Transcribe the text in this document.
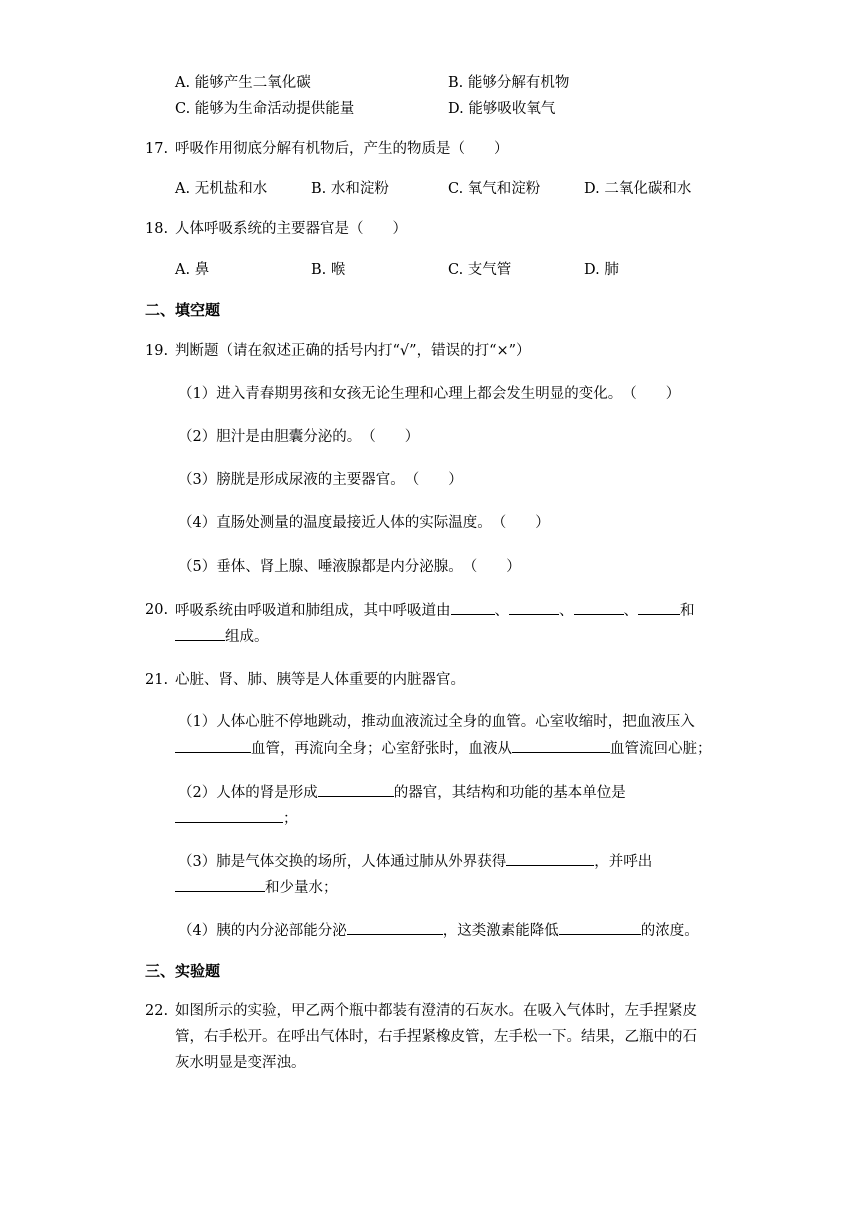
A. 能够产生二氧化碳	B. 能够分解有机物
C. 能够为生命活动提供能量	D. 能够吸收氧气
17. 呼吸作用彻底分解有机物后，产生的物质是（　　）
A. 无机盐和水	B. 水和淀粉	C. 氧气和淀粉	D. 二氧化碳和水
18. 人体呼吸系统的主要器官是（　　）
A. 鼻	B. 喉	C. 支气管	D. 肺
二、填空题
19. 判断题（请在叙述正确的括号内打“√”，错误的打“×”）
（1）进入青春期男孩和女孩无论生理和心理上都会发生明显的变化。　（　　）
（2）胆汁是由胆囊分泌的。　（　　）
（3）膀胱是形成尿液的主要器官。　（　　）
（4）直肠处测量的温度最接近人体的实际温度。　（　　）
（5）垂体、肾上腺、唾液腺都是内分泌腺。　（　　）
20. 呼吸系统由呼吸道和肺组成，其中呼吸道由	、	、	、	和
组成。
21. 心脏、肾、肺、胰等是人体重要的内脏器官。
（1）人体心脏不停地跳动，推动血液流过全身的血管。心室收缩时，把血液压入
血管，再流向全身；心室舒张时，血液从	血管流回心脏；
（2）人体的肾是形成	的器官，其结构和功能的基本单位是
；
（3）肺是气体交换的场所，人体通过肺从外界获得	，并呼出
和少量水；
（4）胰的内分泌部能分泌	，这类激素能降低	的浓度。
三、实验题
22. 如图所示的实验，甲乙两个瓶中都装有澄清的石灰水。在吸入气体时，左手捏紧皮
管，右手松开。在呼出气体时，右手捏紧橡皮管，左手松一下。结果，乙瓶中的石
灰水明显是变浑浊。
